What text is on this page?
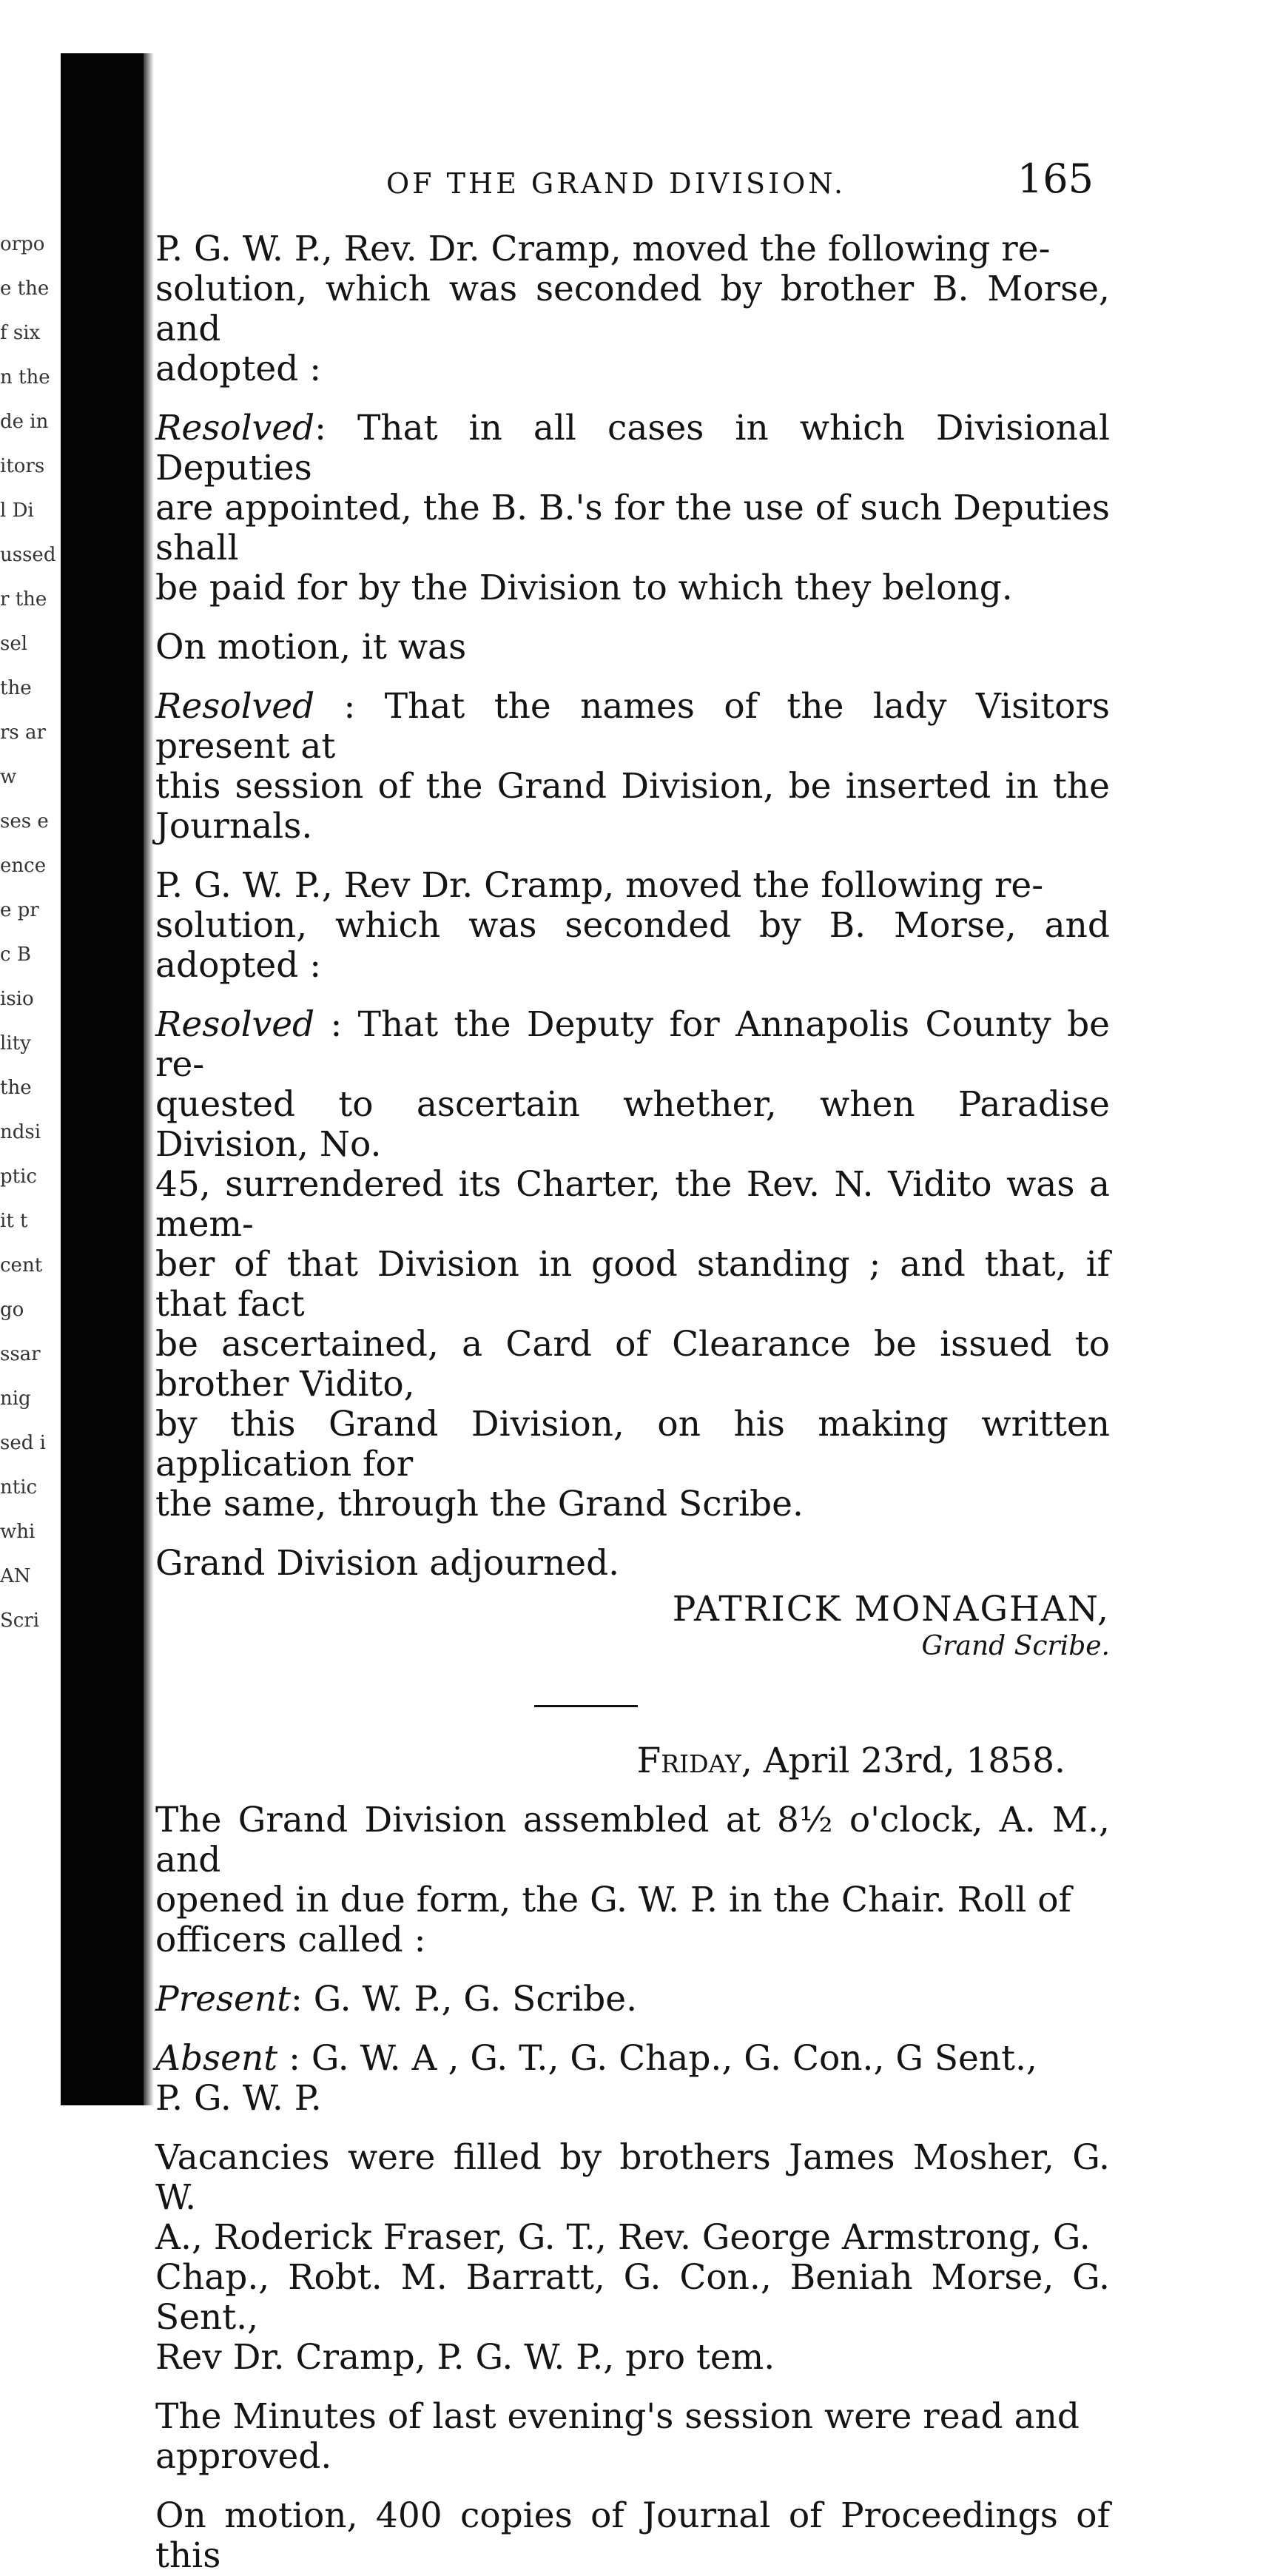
orpo
e the
f six
n the
de in
itors
l Di
ussed
r the
sel
the
rs ar
w
ses e
ence
e pr
c B
isio
lity
the
ndsi
ptic
it t
cent
go
ssar
nig
sed i
ntic
whi
AN
Scri
OF THE GRAND DIVISION.	165
P. G. W. P., Rev. Dr. Cramp, moved the following re-
solution, which was seconded by brother B. Morse, and
adopted :
Resolved: That in all cases in which Divisional Deputies
are appointed, the B. B.'s for the use of such Deputies shall
be paid for by the Division to which they belong.
On motion, it was
Resolved : That the names of the lady Visitors present at
this session of the Grand Division, be inserted in the Journals.
P. G. W. P., Rev Dr. Cramp, moved the following re-
solution, which was seconded by B. Morse, and adopted :
Resolved : That the Deputy for Annapolis County be re-
quested to ascertain whether, when Paradise Division, No.
45, surrendered its Charter, the Rev. N. Vidito was a mem-
ber of that Division in good standing ; and that, if that fact
be ascertained, a Card of Clearance be issued to brother Vidito,
by this Grand Division, on his making written application for
the same, through the Grand Scribe.
Grand Division adjourned.
PATRICK MONAGHAN,
Grand Scribe.
Friday, April 23rd, 1858.
The Grand Division assembled at 8½ o'clock, A. M., and
opened in due form, the G. W. P. in the Chair. Roll of
officers called :
Present: G. W. P., G. Scribe.
Absent : G. W. A , G. T., G. Chap., G. Con., G Sent.,
P. G. W. P.
Vacancies were filled by brothers James Mosher, G. W.
A., Roderick Fraser, G. T., Rev. George Armstrong, G.
Chap., Robt. M. Barratt, G. Con., Beniah Morse, G. Sent.,
Rev Dr. Cramp, P. G. W. P., pro tem.
The Minutes of last evening's session were read and
approved.
On motion, 400 copies of Journal of Proceedings of this
